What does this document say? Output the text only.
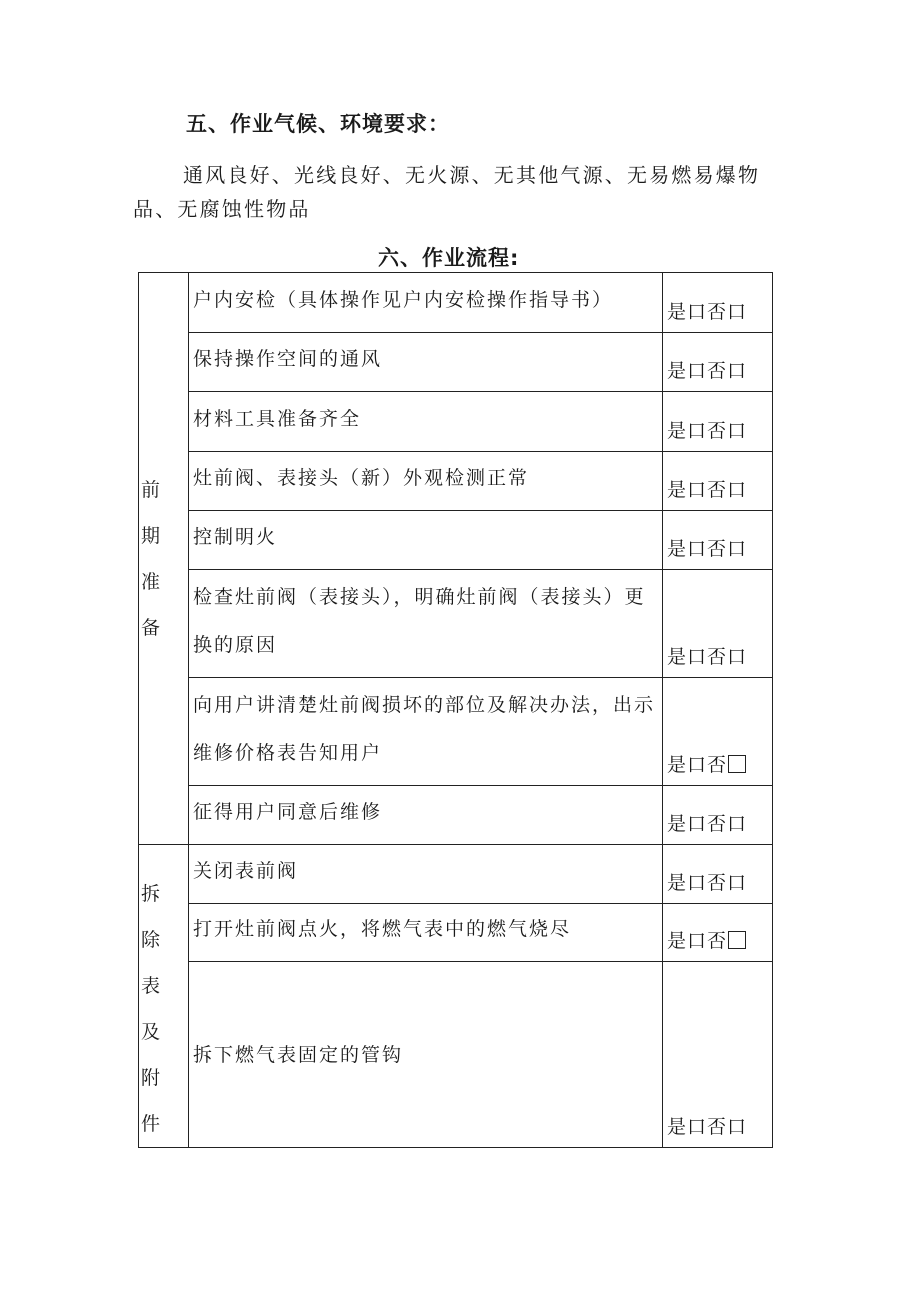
五、作业气候、环境要求：
通风良好、光线良好、无火源、无其他气源、无易燃易爆物品、无腐蚀性物品
六、作业流程:
前期准备	户内安检（具体操作见户内安检操作指导书）	是口否口
	保持操作空间的通风	是口否口
	材料工具准备齐全	是口否口
	灶前阀、表接头（新）外观检测正常	是口否口
	控制明火	是口否口
	检查灶前阀（表接头），明确灶前阀（表接头）更换的原因	是口否口
	向用户讲清楚灶前阀损坏的部位及解决办法，出示维修价格表告知用户	是口否
	征得用户同意后维修	是口否口
拆除表及附件	关闭表前阀	是口否口
	打开灶前阀点火，将燃气表中的燃气烧尽	是口否
	拆下燃气表固定的管钩	是口否口
